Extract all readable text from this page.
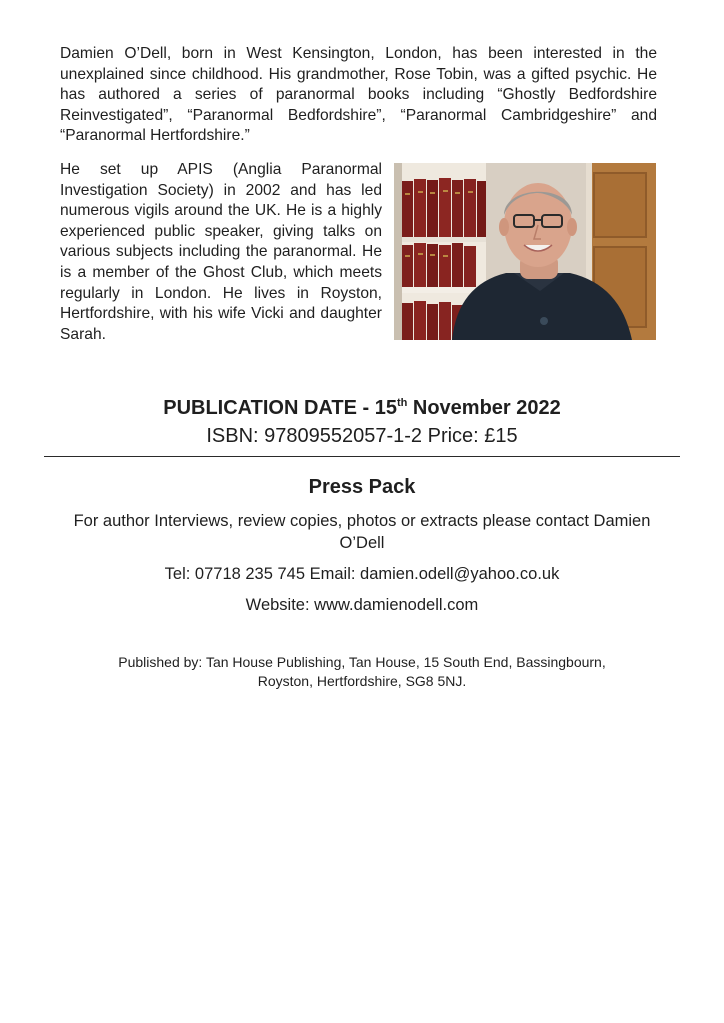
Damien O’Dell, born in West Kensington, London, has been interested in the unexplained since childhood. His grandmother, Rose Tobin, was a gifted psychic. He has authored a series of paranormal books including “Ghostly Bedfordshire Reinvestigated”, “Paranormal Bedfordshire”, “Paranormal Cambridgeshire” and “Paranormal Hertfordshire.”

He set up APIS (Anglia Paranormal Investigation Society) in 2002 and has led numerous vigils around the UK. He is a highly experienced public speaker, giving talks on various subjects including the paranormal. He is a member of the Ghost Club, which meets regularly in London. He lives in Royston, Hertfordshire, with his wife Vicki and daughter Sarah.

PUBLICATION DATE - 15th November 2022
ISBN: 97809552057-1-2 Price: £15
Press Pack

For author Interviews, review copies, photos or extracts please contact Damien O’Dell

Tel: 07718 235 745 Email: damien.odell@yahoo.co.uk
Website: www.damienodell.com

Published by: Tan House Publishing, Tan House, 15 South End, Bassingbourn,
Royston, Hertfordshire, SG8 5NJ.
